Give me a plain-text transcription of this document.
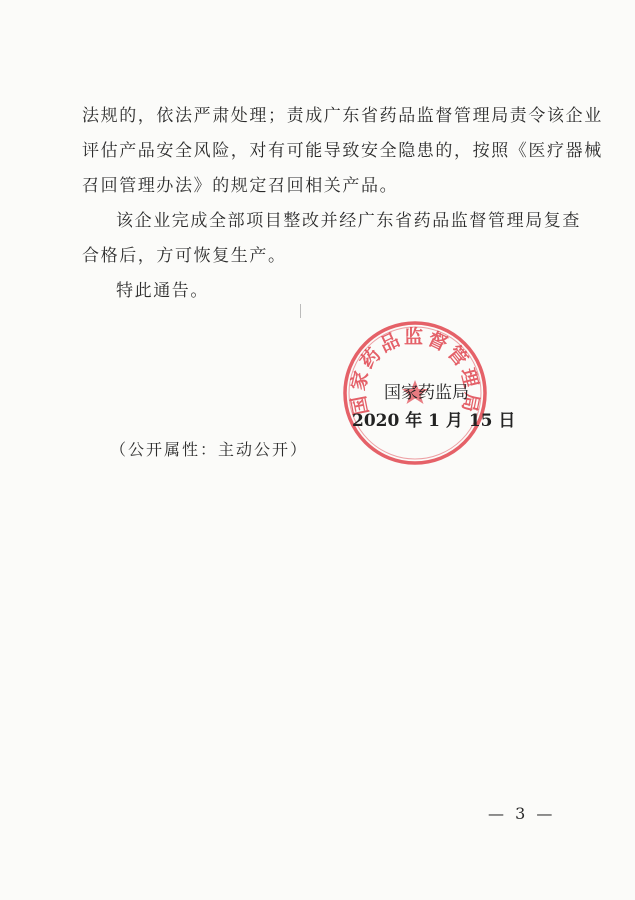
法规的，依法严肃处理；责成广东省药品监督管理局责令该企业
评估产品安全风险，对有可能导致安全隐患的，按照《医疗器械
召回管理办法》的规定召回相关产品。
该企业完成全部项目整改并经广东省药品监督管理局复查
合格后，方可恢复生产。
特此通告。
国家药品监督管理局
国家药监局
2020 年 1 月 15 日
（公开属性：主动公开）
— 3 —
